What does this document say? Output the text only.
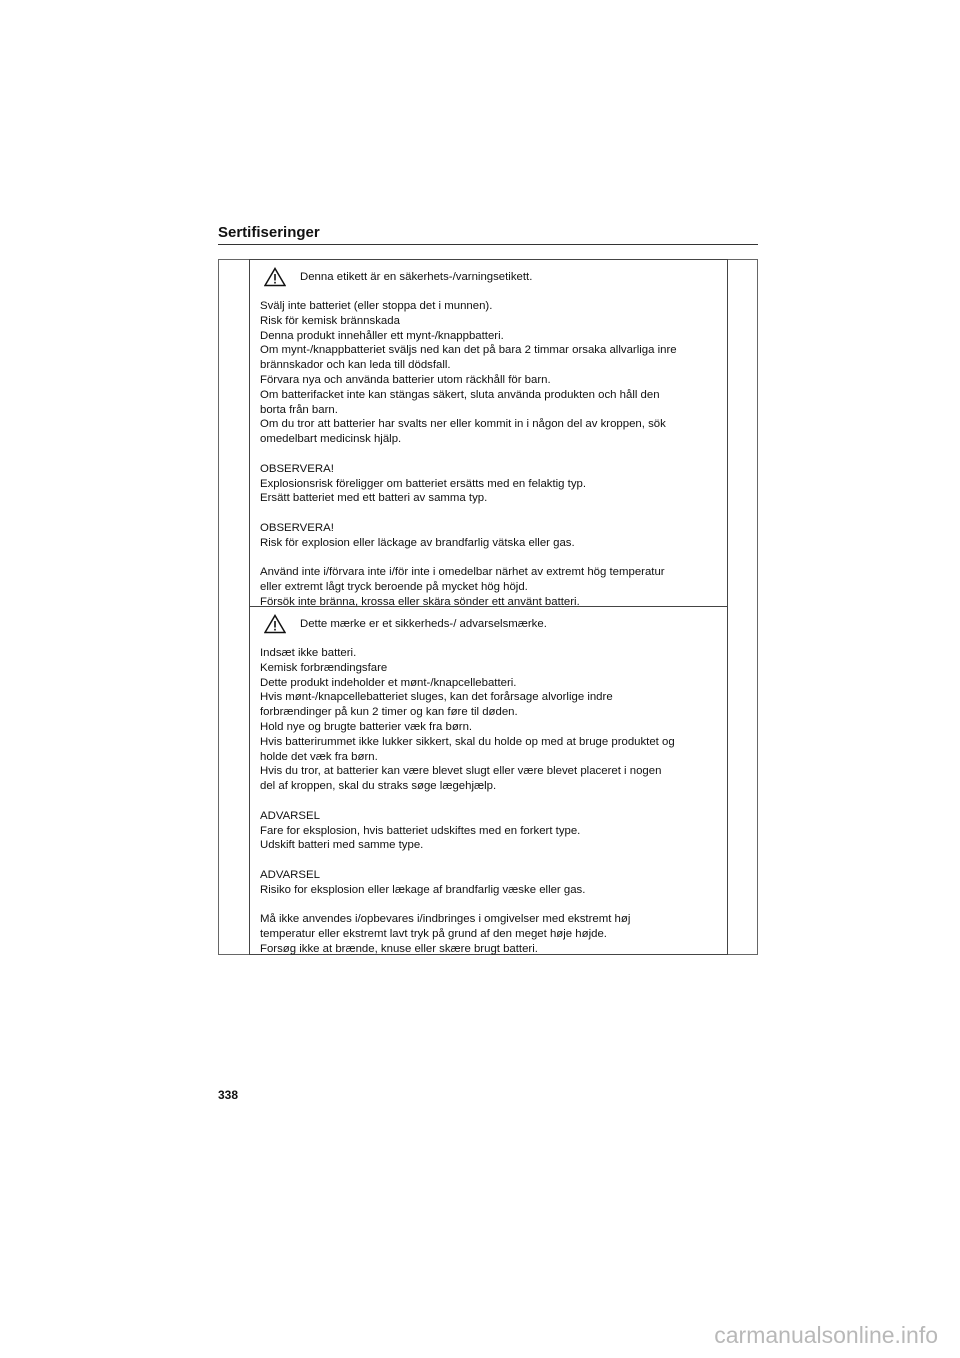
Sertifiseringer
Denna etikett är en säkerhets-/varningsetikett.
Svälj inte batteriet (eller stoppa det i munnen).
Risk för kemisk brännskada
Denna produkt innehåller ett mynt-/knappbatteri.
Om mynt-/knappbatteriet sväljs ned kan det på bara 2 timmar orsaka allvarliga inre
brännskador och kan leda till dödsfall.
Förvara nya och använda batterier utom räckhåll för barn.
Om batterifacket inte kan stängas säkert, sluta använda produkten och håll den
borta från barn.
Om du tror att batterier har svalts ner eller kommit in i någon del av kroppen, sök
omedelbart medicinsk hjälp.
OBSERVERA!
Explosionsrisk föreligger om batteriet ersätts med en felaktig typ.
Ersätt batteriet med ett batteri av samma typ.
OBSERVERA!
Risk för explosion eller läckage av brandfarlig vätska eller gas.
Använd inte i/förvara inte i/för inte i omedelbar närhet av extremt hög temperatur
eller extremt lågt tryck beroende på mycket hög höjd.
Försök inte bränna, krossa eller skära sönder ett använt batteri.
Dette mærke er et sikkerheds-/ advarselsmærke.
Indsæt ikke batteri.
Kemisk forbrændingsfare
Dette produkt indeholder et mønt-/knapcellebatteri.
Hvis mønt-/knapcellebatteriet sluges, kan det forårsage alvorlige indre
forbrændinger på kun 2 timer og kan føre til døden.
Hold nye og brugte batterier væk fra børn.
Hvis batterirummet ikke lukker sikkert, skal du holde op med at bruge produktet og
holde det væk fra børn.
Hvis du tror, at batterier kan være blevet slugt eller være blevet placeret i nogen
del af kroppen, skal du straks søge lægehjælp.
ADVARSEL
Fare for eksplosion, hvis batteriet udskiftes med en forkert type.
Udskift batteri med samme type.
ADVARSEL
Risiko for eksplosion eller lækage af brandfarlig væske eller gas.
Må ikke anvendes i/opbevares i/indbringes i omgivelser med ekstremt høj
temperatur eller ekstremt lavt tryk på grund af den meget høje højde.
Forsøg ikke at brænde, knuse eller skære brugt batteri.

338

carmanualsonline.info
